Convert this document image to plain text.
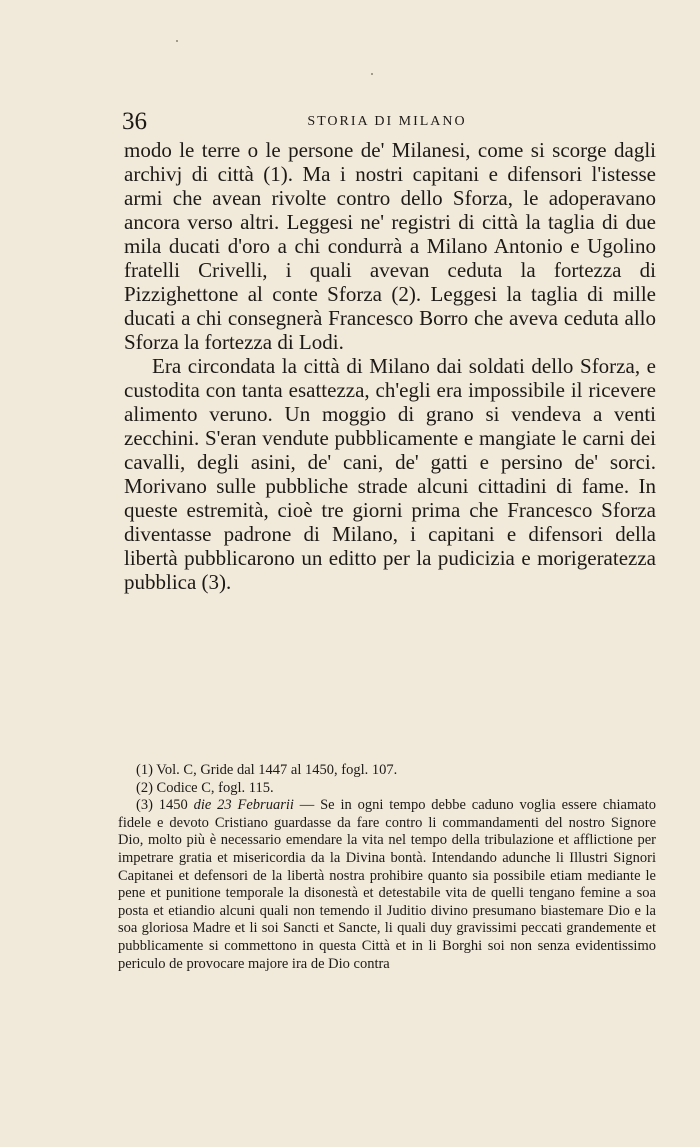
36	STORIA DI MILANO

modo le terre o le persone de' Milanesi, come si scorge dagli archivj di città (1). Ma i nostri capitani e difensori l'istesse armi che avean rivolte contro dello Sforza, le adoperavano ancora verso altri. Leggesi ne' registri di città la taglia di due mila ducati d'oro a chi condurrà a Milano Antonio e Ugolino fratelli Crivelli, i quali avevan ceduta la fortezza di Pizzighettone al conte Sforza (2). Leggesi la taglia di mille ducati a chi consegnerà Francesco Borro che aveva ceduta allo Sforza la fortezza di Lodi.

Era circondata la città di Milano dai soldati dello Sforza, e custodita con tanta esattezza, ch'egli era impossibile il ricevere alimento veruno. Un moggio di grano si vendeva a venti zecchini. S'eran vendute pubblicamente e mangiate le carni dei cavalli, degli asini, de' cani, de' gatti e persino de' sorci. Morivano sulle pubbliche strade alcuni cittadini di fame. In queste estremità, cioè tre giorni prima che Francesco Sforza diventasse padrone di Milano, i capitani e difensori della libertà pubblicarono un editto per la pudicizia e morigeratezza pubblica (3).

(1) Vol. C, Gride dal 1447 al 1450, fogl. 107.

(2) Codice C, fogl. 115.

(3) 1450 die 23 Februarii — Se in ogni tempo debbe caduno voglia essere chiamato fidele e devoto Cristiano guardasse da fare contro li commandamenti del nostro Signore Dio, molto più è necessario emendare la vita nel tempo della tribulazione et afflictione per impetrare gratia et misericordia da la Divina bontà. Intendando adunche li Illustri Signori Capitanei et defensori de la libertà nostra prohibire quanto sia possibile etiam mediante le pene et punitione temporale la disonestà et detestabile vita de quelli tengano femine a soa posta et etiandio alcuni quali non temendo il Juditio divino presumano biastemare Dio e la soa gloriosa Madre et li soi Sancti et Sancte, li quali duy gravissimi peccati grandemente et pubblicamente si commettono in questa Città et in li Borghi soi non senza evidentissimo periculo de provocare majore ira de Dio contra
